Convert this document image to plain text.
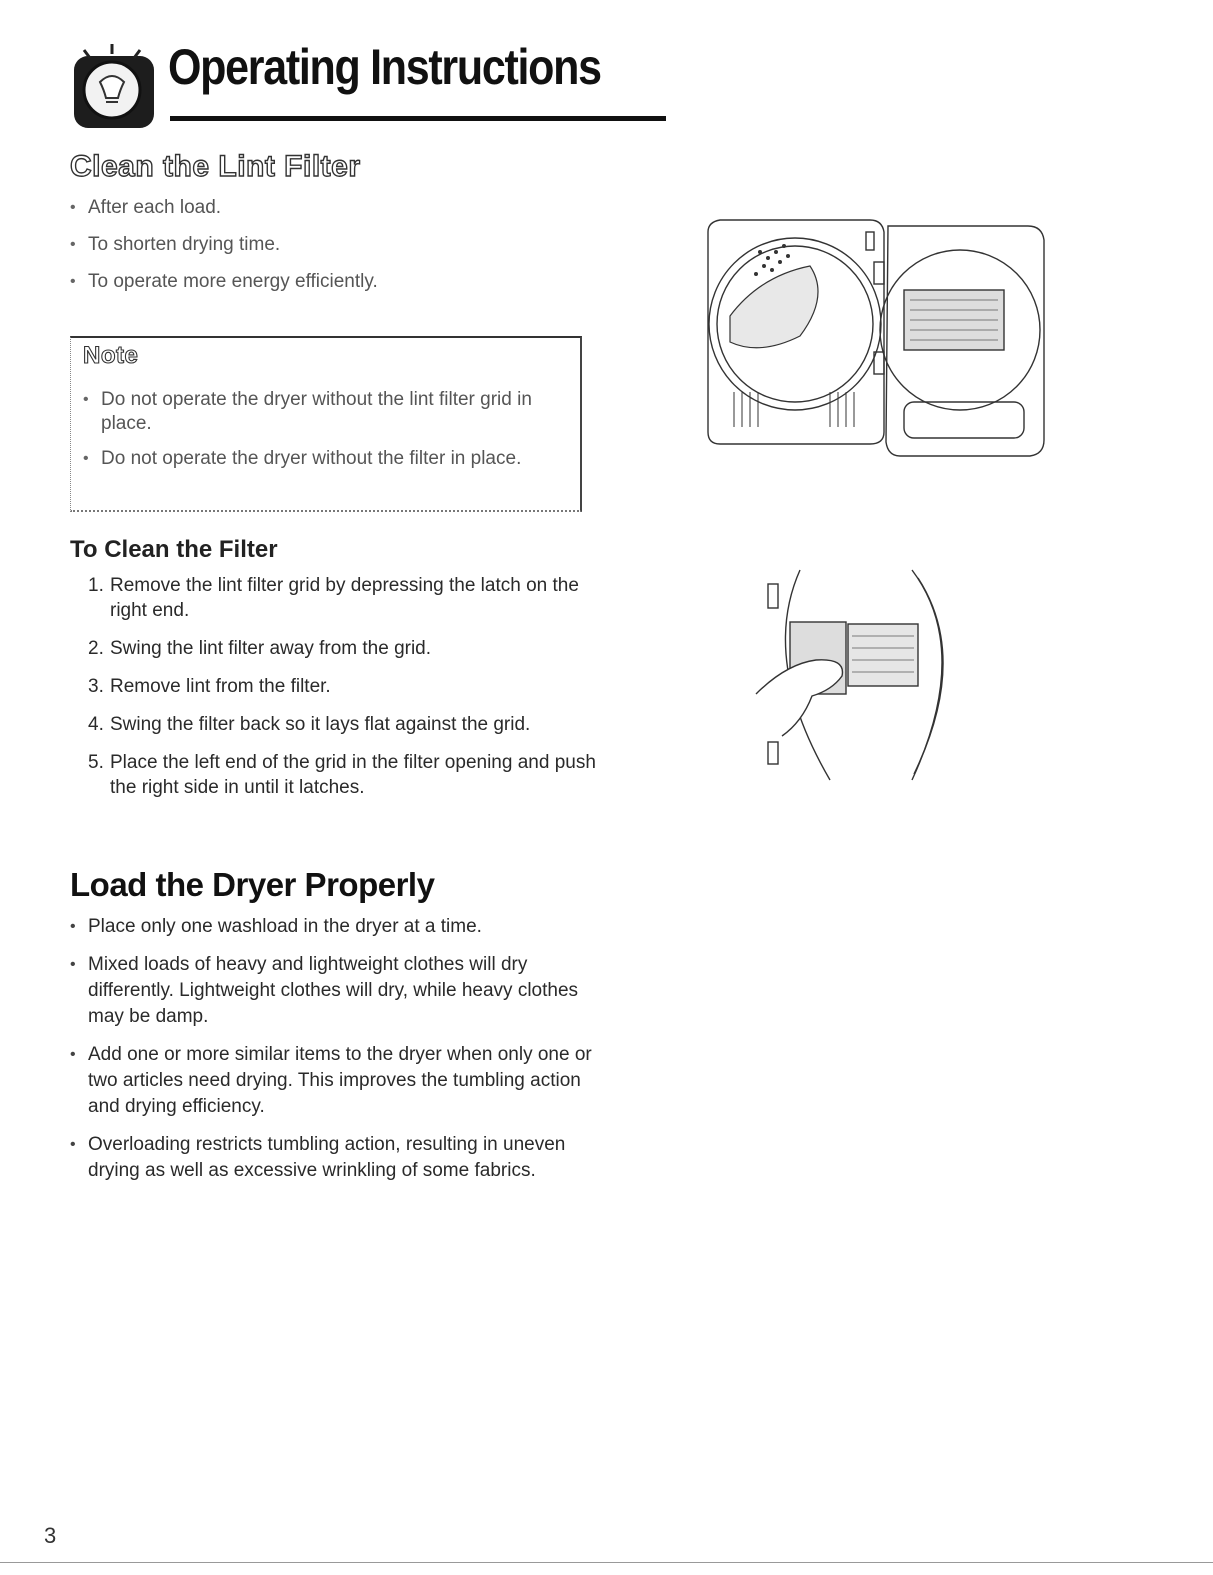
Operating Instructions
Clean the Lint Filter
• After each load.
• To shorten drying time.
• To operate more energy efficiently.
Note
• Do not operate the dryer without the lint filter grid in place.
• Do not operate the dryer without the filter in place.
To Clean the Filter
1. Remove the lint filter grid by depressing the latch on the right end.
2. Swing the lint filter away from the grid.
3. Remove lint from the filter.
4. Swing the filter back so it lays flat against the grid.
5. Place the left end of the grid in the filter opening and push the right side in until it latches.
Load the Dryer Properly
• Place only one washload in the dryer at a time.
• Mixed loads of heavy and lightweight clothes will dry differently. Lightweight clothes will dry, while heavy clothes may be damp.
• Add one or more similar items to the dryer when only one or two articles need drying. This improves the tumbling action and drying efficiency.
• Overloading restricts tumbling action, resulting in uneven drying as well as excessive wrinkling of some fabrics.
3
